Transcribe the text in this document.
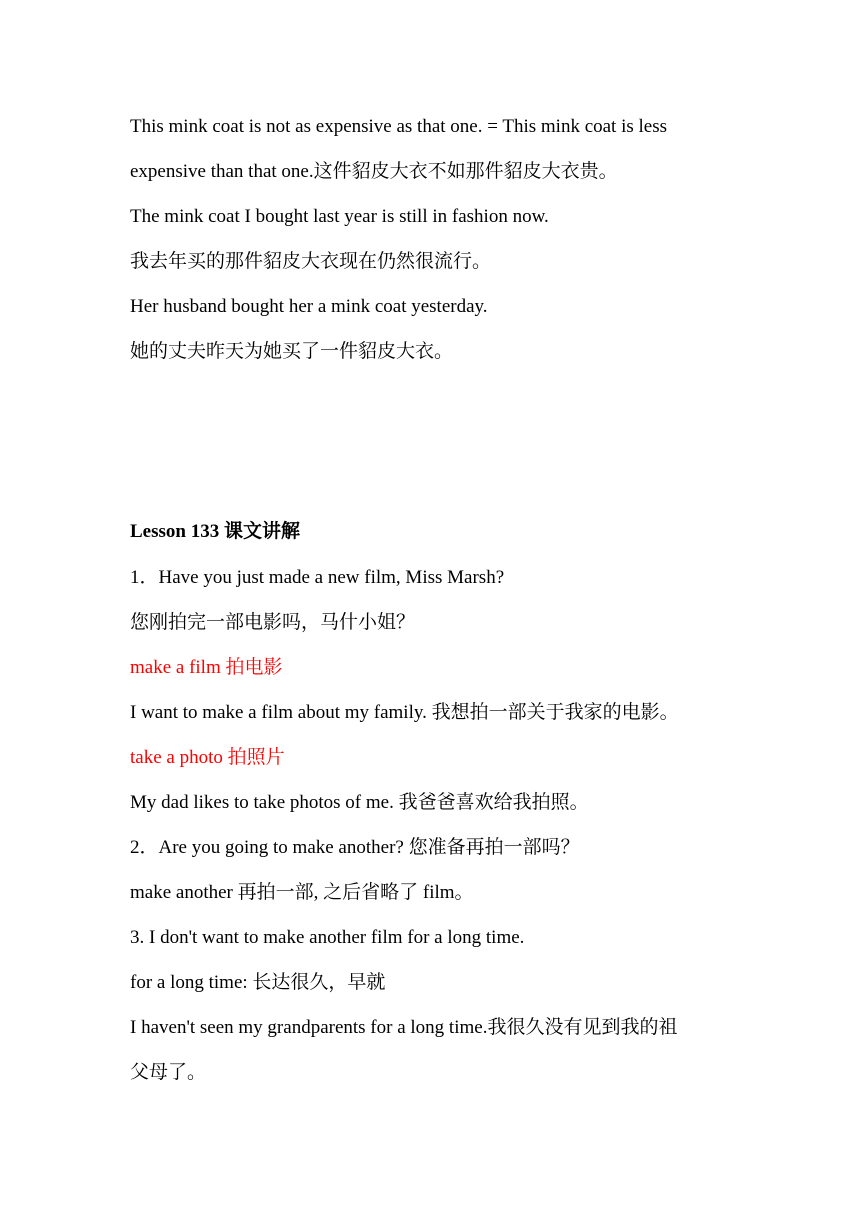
This mink coat is not as expensive as that one. = This mink coat is less
expensive than that one.这件貂皮大衣不如那件貂皮大衣贵。
The mink coat I bought last year is still in fashion now.
我去年买的那件貂皮大衣现在仍然很流行。
Her husband bought her a mink coat yesterday.
她的丈夫昨天为她买了一件貂皮大衣。
Lesson 133 课文讲解
1．Have you just made a new film, Miss Marsh?
您刚拍完一部电影吗，马什小姐？
make a film 拍电影
I want to make a film about my family. 我想拍一部关于我家的电影。
take a photo 拍照片
My dad likes to take photos of me. 我爸爸喜欢给我拍照。
2．Are you going to make another? 您准备再拍一部吗？
make another 再拍一部, 之后省略了 film。
3. I don't want to make another film for a long time.
for a long time: 长达很久，早就
I haven't seen my grandparents for a long time.我很久没有见到我的祖
父母了。
